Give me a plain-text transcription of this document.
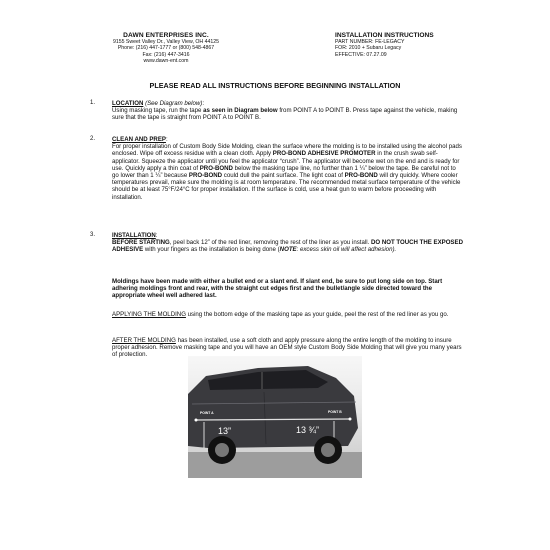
DAWN ENTERPRISES INC.
9155 Sweet Valley Dr., Valley View, OH 44125
Phone: (216) 447-1777 or (800) 548-4867
Fax: (216) 447-3416
www.dawn-ent.com
INSTALLATION INSTRUCTIONS
PART NUMBER: FE-LEGACY
FOR: 2010 + Subaru Legacy
EFFECTIVE: 07.27.09
PLEASE READ ALL INSTRUCTIONS BEFORE BEGINNING INSTALLATION
1.	LOCATION (See Diagram below):

Using masking tape, run the tape as seen in Diagram below from POINT A to POINT B. Press tape against the vehicle, making sure that the tape is straight from POINT A to POINT B.

2.	CLEAN AND PREP:

For proper installation of Custom Body Side Molding, clean the surface where the molding is to be installed using the alcohol pads enclosed. Wipe off excess residue with a clean cloth. Apply PRO-BOND ADHESIVE PROMOTER in the crush swab self-applicator. Squeeze the applicator until you feel the applicator “crush”. The applicator will become wet on the end and is ready for use. Quickly apply a thin coat of PRO-BOND below the masking tape line, no further than 1 ¼” below the tape. Be careful not to go lower than 1 ¼” because PRO-BOND could dull the paint surface. The light coat of PRO-BOND will dry quickly. Where cooler temperatures prevail, make sure the molding is at room temperature. The recommended metal surface temperature of the vehicle should be at least 75°F/24°C for proper installation. If the surface is cold, use a heat gun to warm before proceeding with installation.

3.	INSTALLATION:

BEFORE STARTING, peel back 12” of the red liner, removing the rest of the liner as you install. DO NOT TOUCH THE EXPOSED ADHESIVE with your fingers as the installation is being done (NOTE: excess skin oil will affect adhesion).

Moldings have been made with either a bullet end or a slant end. If slant end, be sure to put long side on top. Start adhering moldings front and rear, with the straight cut edges first and the bullet/angle side directed toward the appropriate wheel well adhered last.

APPLYING THE MOLDING using the bottom edge of the masking tape as your guide, peel the rest of the red liner as you go.

AFTER THE MOLDING has been installed, use a soft cloth and apply pressure along the entire length of the molding to insure proper adhesion. Remove masking tape and you will have an OEM style Custom Body Side Molding that will give you many years of protection.

POINT A	POINT B
13”	13 ¾”
